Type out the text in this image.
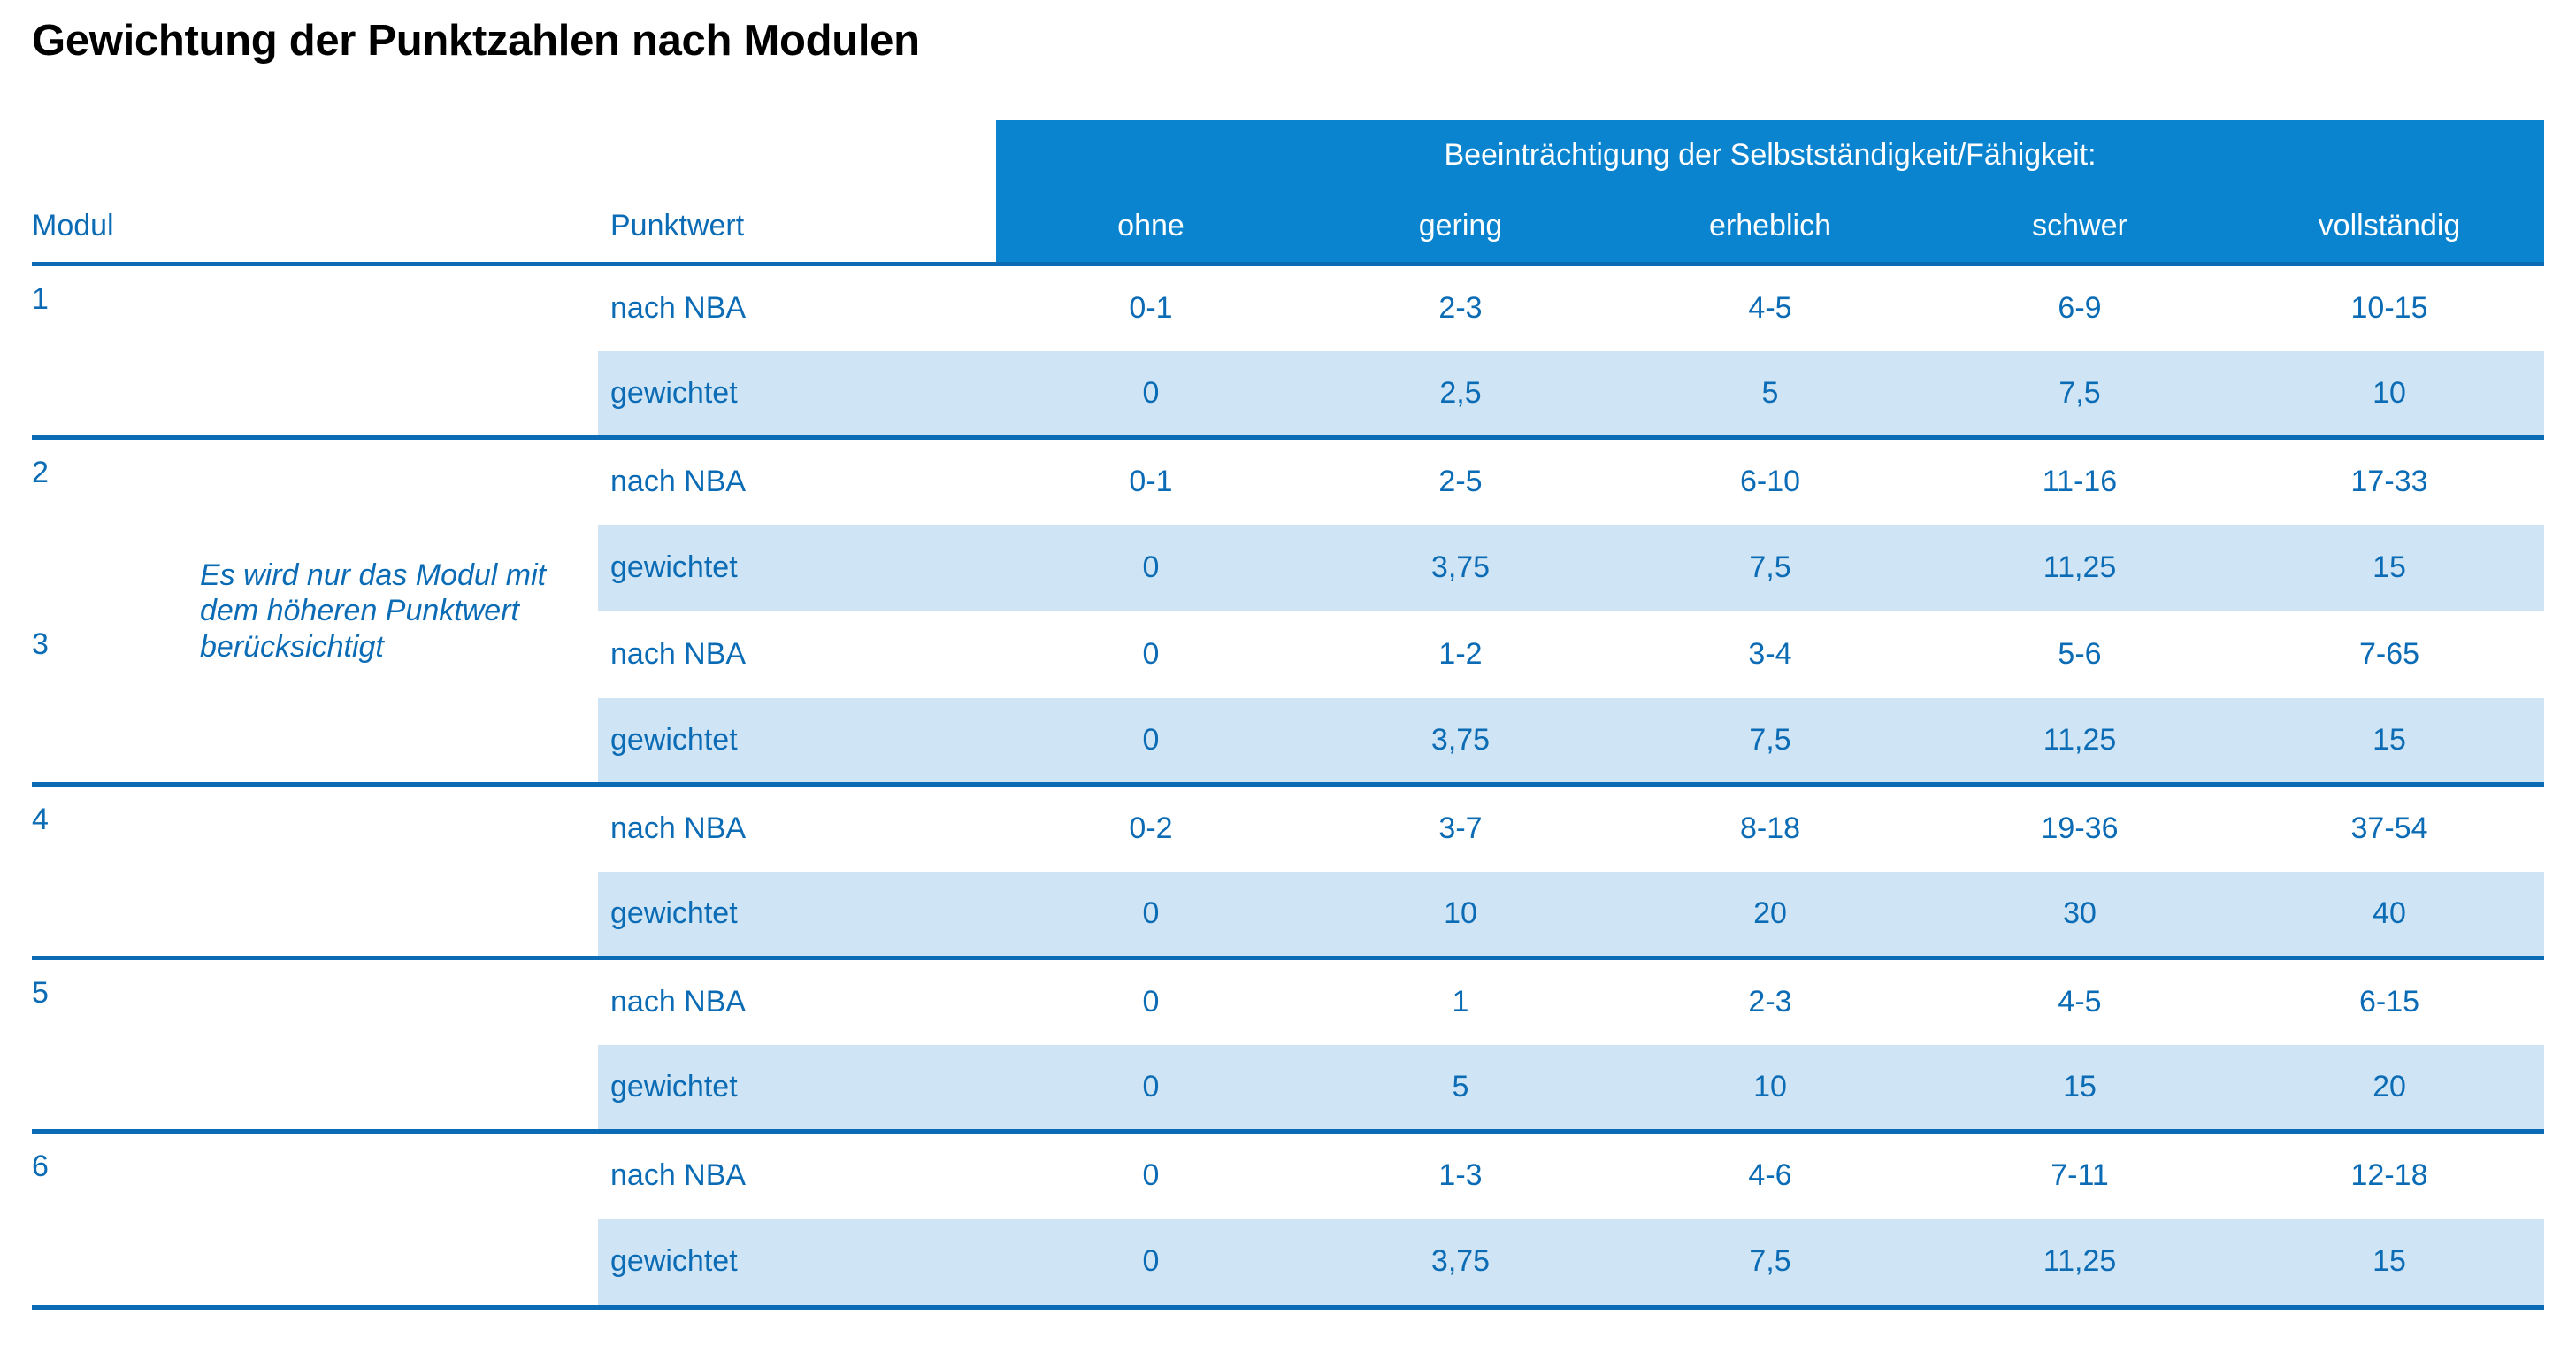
Gewichtung der Punktzahlen nach Modulen
			Beeinträchtigung der Selbstständigkeit/Fähigkeit:				
Modul		Punktwert	ohne	gering	erheblich	schwer	vollständig
1		nach NBA	0-1	2-3	4-5	6-9	10-15
		gewichtet	0	2,5	5	7,5	10
2	Es wird nur das Modul mit dem höheren Punktwert berücksichtigt	nach NBA	0-1	2-5	6-10	11-16	17-33
		gewichtet	0	3,75	7,5	11,25	15
3		nach NBA	0	1-2	3-4	5-6	7-65
		gewichtet	0	3,75	7,5	11,25	15
4		nach NBA	0-2	3-7	8-18	19-36	37-54
		gewichtet	0	10	20	30	40
5		nach NBA	0	1	2-3	4-5	6-15
		gewichtet	0	5	10	15	20
6		nach NBA	0	1-3	4-6	7-11	12-18
		gewichtet	0	3,75	7,5	11,25	15
